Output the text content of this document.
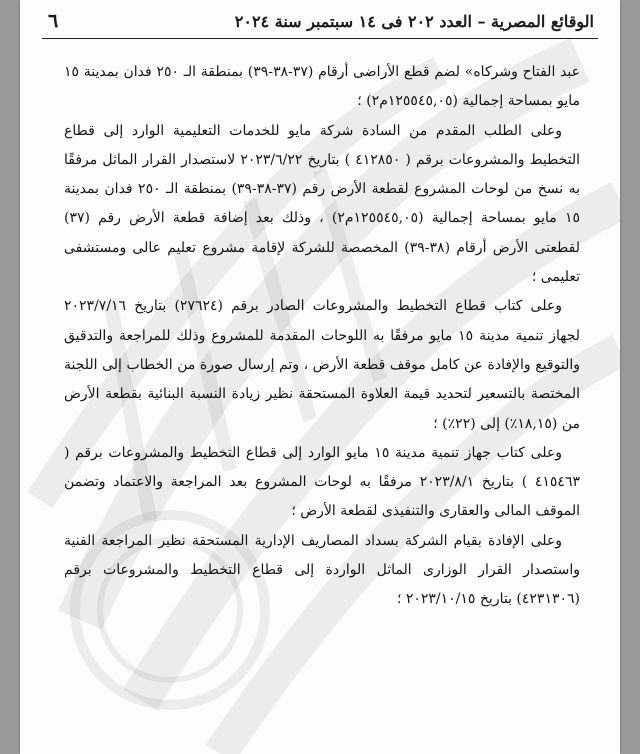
٦	الوقائع المصرية – العدد ٢٠٢ فى ١٤ سبتمبر سنة ٢٠٢٤

عبد الفتاح وشركاه» لضم قطع الأراضى أرقام (٣٧-٣٨-٣٩) بمنطقة الـ ٢٥٠ فدان بمدينة ١٥ مايو بمساحة إجمالية (١٢٥٥٤٥,٠٥م٢) ؛

وعلى الطلب المقدم من السادة شركة مايو للخدمات التعليمية الوارد إلى قطاع التخطيط والمشروعات برقم ( ٤١٢٨٥٠ ) بتاريخ ٢٠٢٣/٦/٢٢ لاستصدار القرار الماثل مرفقًا به نسخ من لوحات المشروع لقطعة الأرض رقم (٣٧-٣٨-٣٩) بمنطقة الـ ٢٥٠ فدان بمدينة ١٥ مايو بمساحة إجمالية (١٢٥٥٤٥,٠٥م٢) ، وذلك بعد إضافة قطعة الأرض رقم (٣٧) لقطعتى الأرض أرقام (٣٨-٣٩) المخصصة للشركة لإقامة مشروع تعليم عالى ومستشفى تعليمى ؛

وعلى كتاب قطاع التخطيط والمشروعات الصادر برقم (٢٧٦٢٤) بتاريخ ٢٠٢٣/٧/١٦ لجهاز تنمية مدينة ١٥ مايو مرفقًا به اللوحات المقدمة للمشروع وذلك للمراجعة والتدقيق والتوقيع والإفادة عن كامل موقف قطعة الأرض ، وتم إرسال صورة من الخطاب إلى اللجنة المختصة بالتسعير لتحديد قيمة العلاوة المستحقة نظير زيادة النسبة البنائية بقطعة الأرض من (١٨,١٥٪) إلى (٢٢٪) ؛

وعلى كتاب جهاز تنمية مدينة ١٥ مايو الوارد إلى قطاع التخطيط والمشروعات برقم ( ٤١٥٤٦٣ ) بتاريخ ٢٠٢٣/٨/١ مرفقًا به لوحات المشروع بعد المراجعة والاعتماد وتضمن الموقف المالى والعقارى والتنفيذى لقطعة الأرض ؛

وعلى الإفادة بقيام الشركة بسداد المصاريف الإدارية المستحقة نظير المراجعة الفنية واستصدار القرار الوزارى الماثل الواردة إلى قطاع التخطيط والمشروعات برقم (٤٢٣١٣٠٦) بتاريخ ٢٠٢٣/١٠/١٥ ؛
